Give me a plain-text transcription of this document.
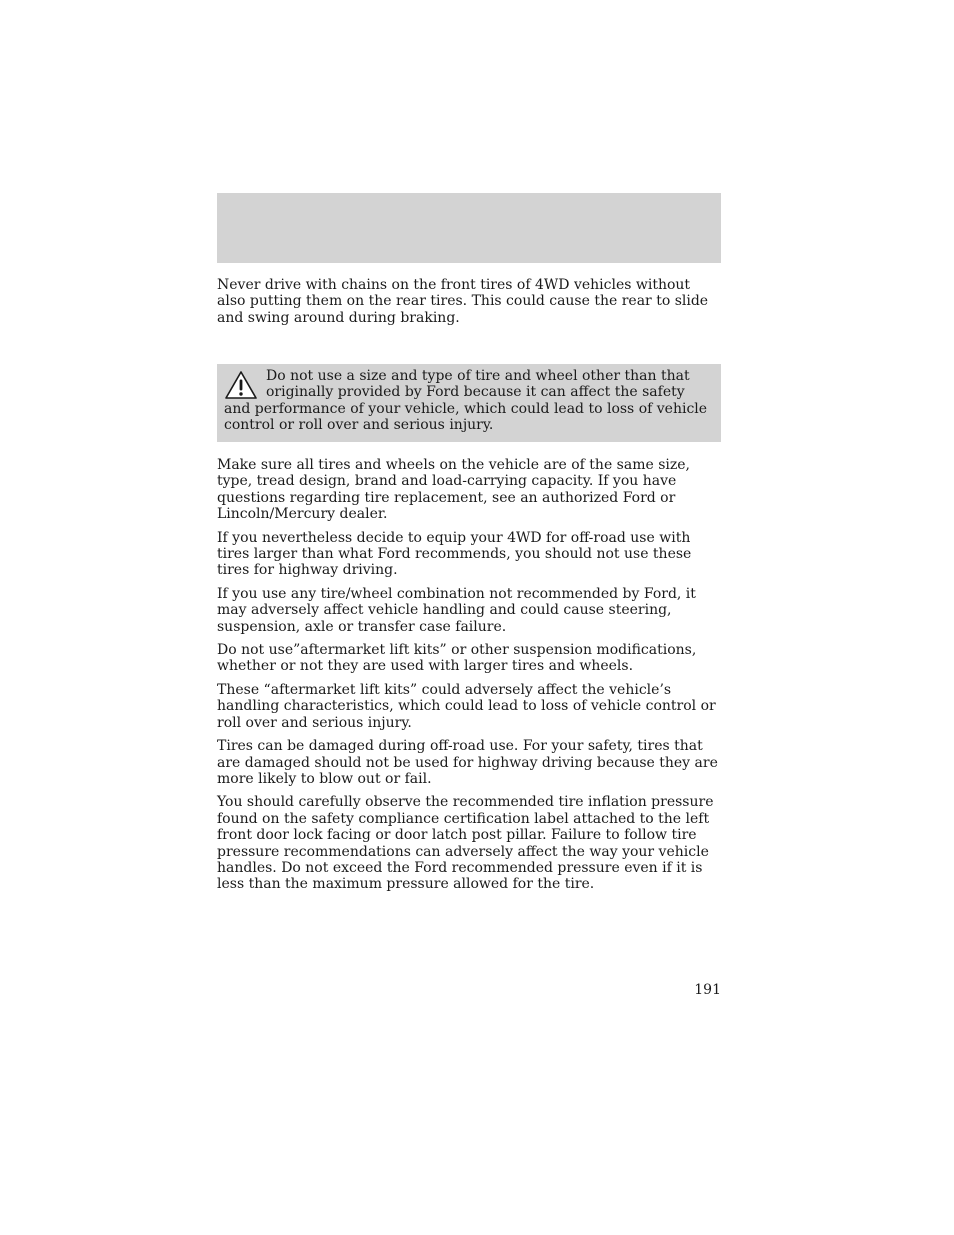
Never drive with chains on the front tires of 4WD vehicles without also putting them on the rear tires. This could cause the rear to slide and swing around during braking.
Do not use a size and type of tire and wheel other than that originally provided by Ford because it can affect the safety and performance of your vehicle, which could lead to loss of vehicle control or roll over and serious injury.

Make sure all tires and wheels on the vehicle are of the same size, type, tread design, brand and load-carrying capacity. If you have questions regarding tire replacement, see an authorized Ford or Lincoln/Mercury dealer.

If you nevertheless decide to equip your 4WD for off-road use with tires larger than what Ford recommends, you should not use these tires for highway driving.

If you use any tire/wheel combination not recommended by Ford, it may adversely affect vehicle handling and could cause steering, suspension, axle or transfer case failure.

Do not use”aftermarket lift kits” or other suspension modifications, whether or not they are used with larger tires and wheels.

These “aftermarket lift kits” could adversely affect the vehicle’s handling characteristics, which could lead to loss of vehicle control or roll over and serious injury.

Tires can be damaged during off-road use. For your safety, tires that are damaged should not be used for highway driving because they are more likely to blow out or fail.

You should carefully observe the recommended tire inflation pressure found on the safety compliance certification label attached to the left front door lock facing or door latch post pillar. Failure to follow tire pressure recommendations can adversely affect the way your vehicle handles. Do not exceed the Ford recommended pressure even if it is less than the maximum pressure allowed for the tire.

191
